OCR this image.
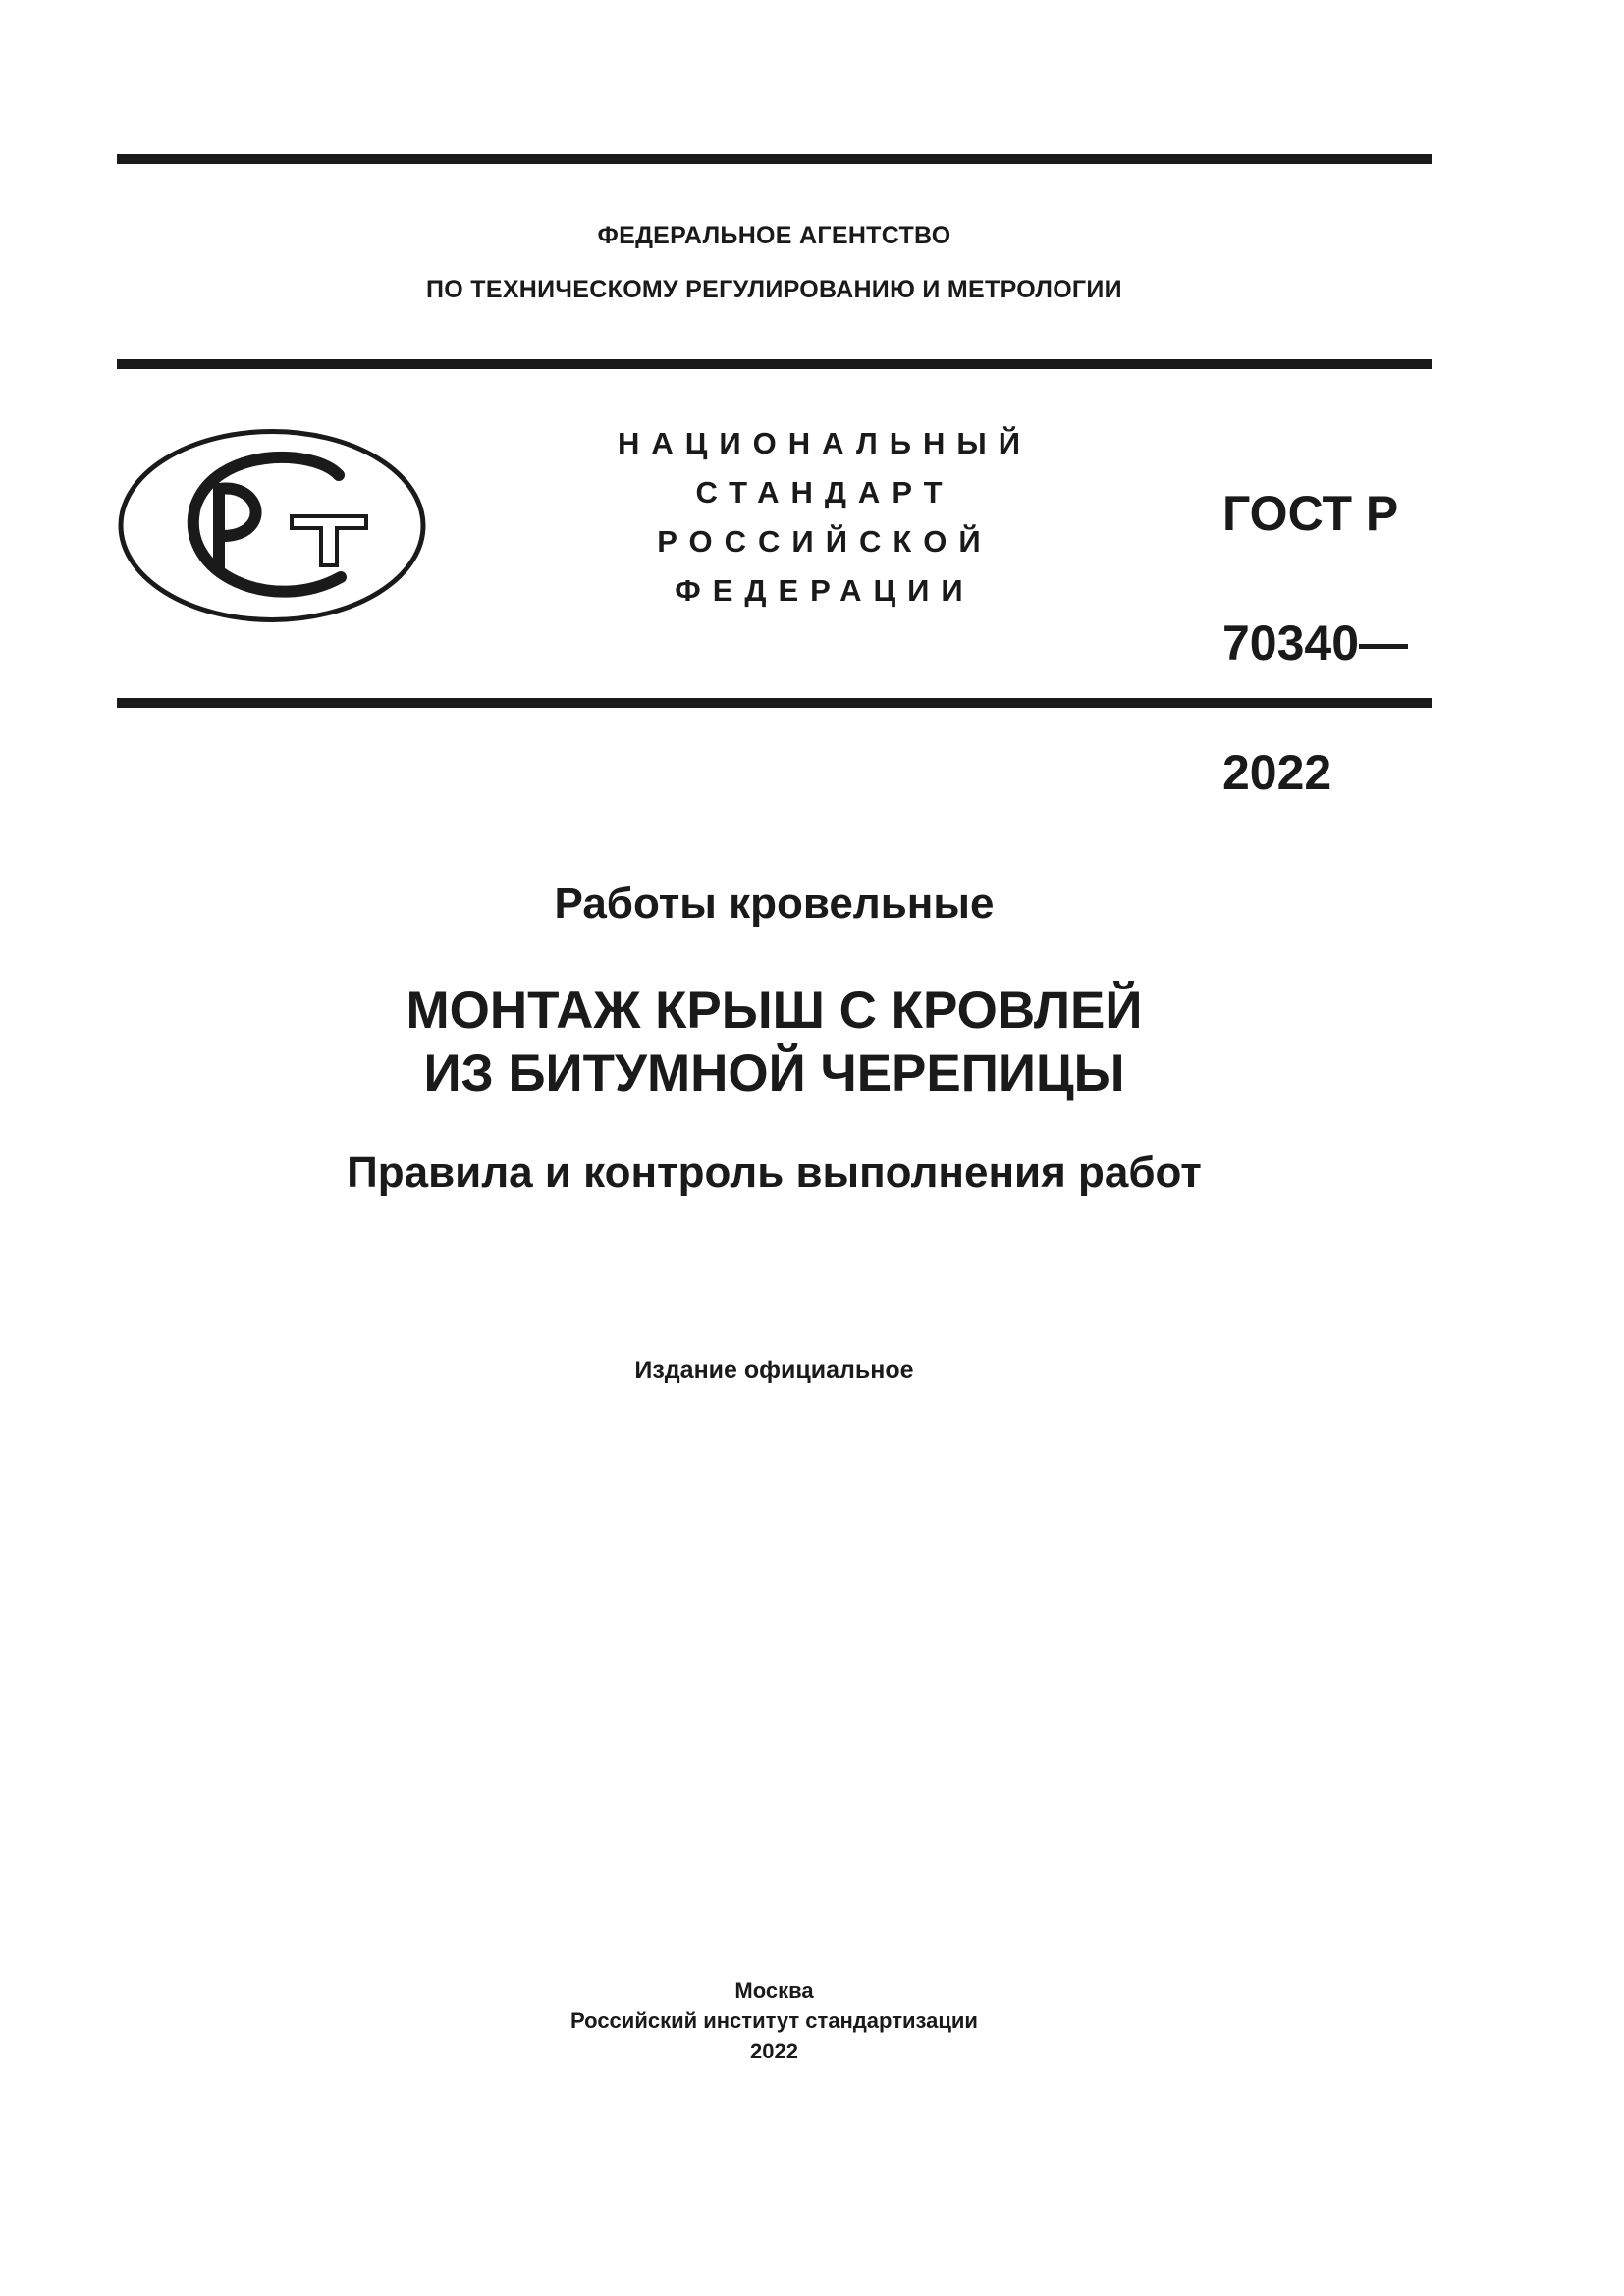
ФЕДЕРАЛЬНОЕ АГЕНТСТВО
ПО ТЕХНИЧЕСКОМУ РЕГУЛИРОВАНИЮ И МЕТРОЛОГИИ
НАЦИОНАЛЬНЫЙ
СТАНДАРТ
РОССИЙСКОЙ
ФЕДЕРАЦИИ

ГОСТ Р

70340—

2022

Работы кровельные
МОНТАЖ КРЫШ С КРОВЛЕЙ
ИЗ БИТУМНОЙ ЧЕРЕПИЦЫ
Правила и контроль выполнения работ
Издание официальное
Москва
Российский институт стандартизации
2022
